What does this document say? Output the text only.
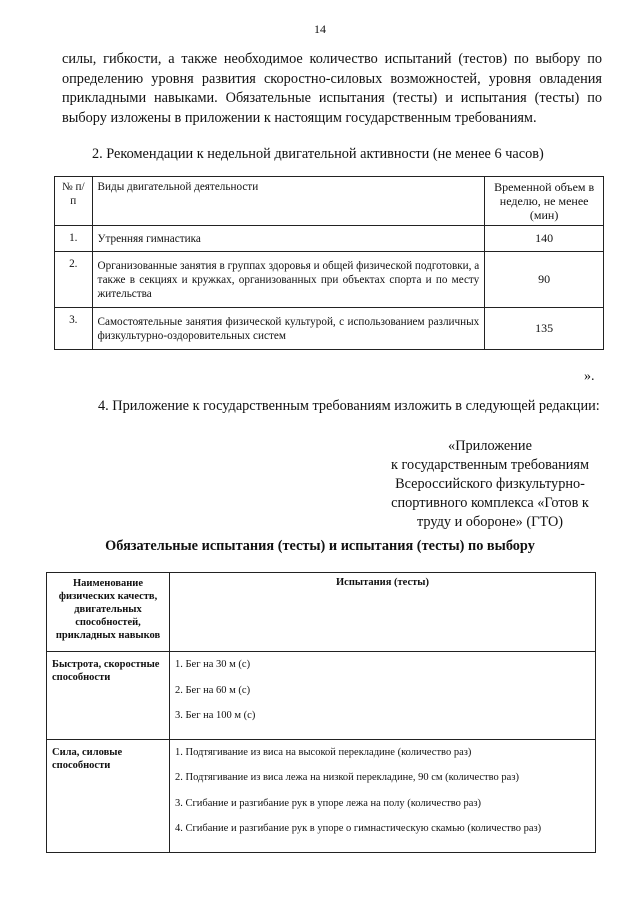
14

силы, гибкости, а также необходимое количество испытаний (тестов) по выбору по определению уровня развития скоростно-силовых возможностей, уровня овладения прикладными навыками. Обязательные испытания (тесты) и испытания (тесты) по выбору изложены в приложении к настоящим государственным требованиям.

2. Рекомендации к недельной двигательной активности (не менее 6 часов)
№ п/п	Виды двигательной деятельности	Временной объем в неделю, не менее (мин)
1.	Утренняя гимнастика	140
2.	Организованные занятия в группах здоровья и общей физической подготовки, а также в секциях и кружках, организованных при объектах спорта и по месту жительства	90
3.	Самостоятельные занятия физической культурой, с использованием различных физкультурно-оздоровительных систем	135
».

4. Приложение к государственным требованиям изложить в следующей редакции:

«Приложение
к государственным требованиям
Всероссийского физкультурно-
спортивного комплекса «Готов к
труду и обороне» (ГТО)
Обязательные испытания (тесты) и испытания (тесты) по выбору
Наименование физических качеств, двигательных способностей, прикладных навыков	Испытания (тесты)
Быстрота, скоростные способности	1. Бег на 30 м (с)
2. Бег на 60 м (с)
3. Бег на 100 м (с)

Сила, силовые способности	1. Подтягивание из виса на высокой перекладине (количество раз)
2. Подтягивание из виса лежа на низкой перекладине, 90 см (количество раз)
3. Сгибание и разгибание рук в упоре лежа на полу (количество раз)
4. Сгибание и разгибание рук в упоре о гимнастическую скамью (количество раз)
